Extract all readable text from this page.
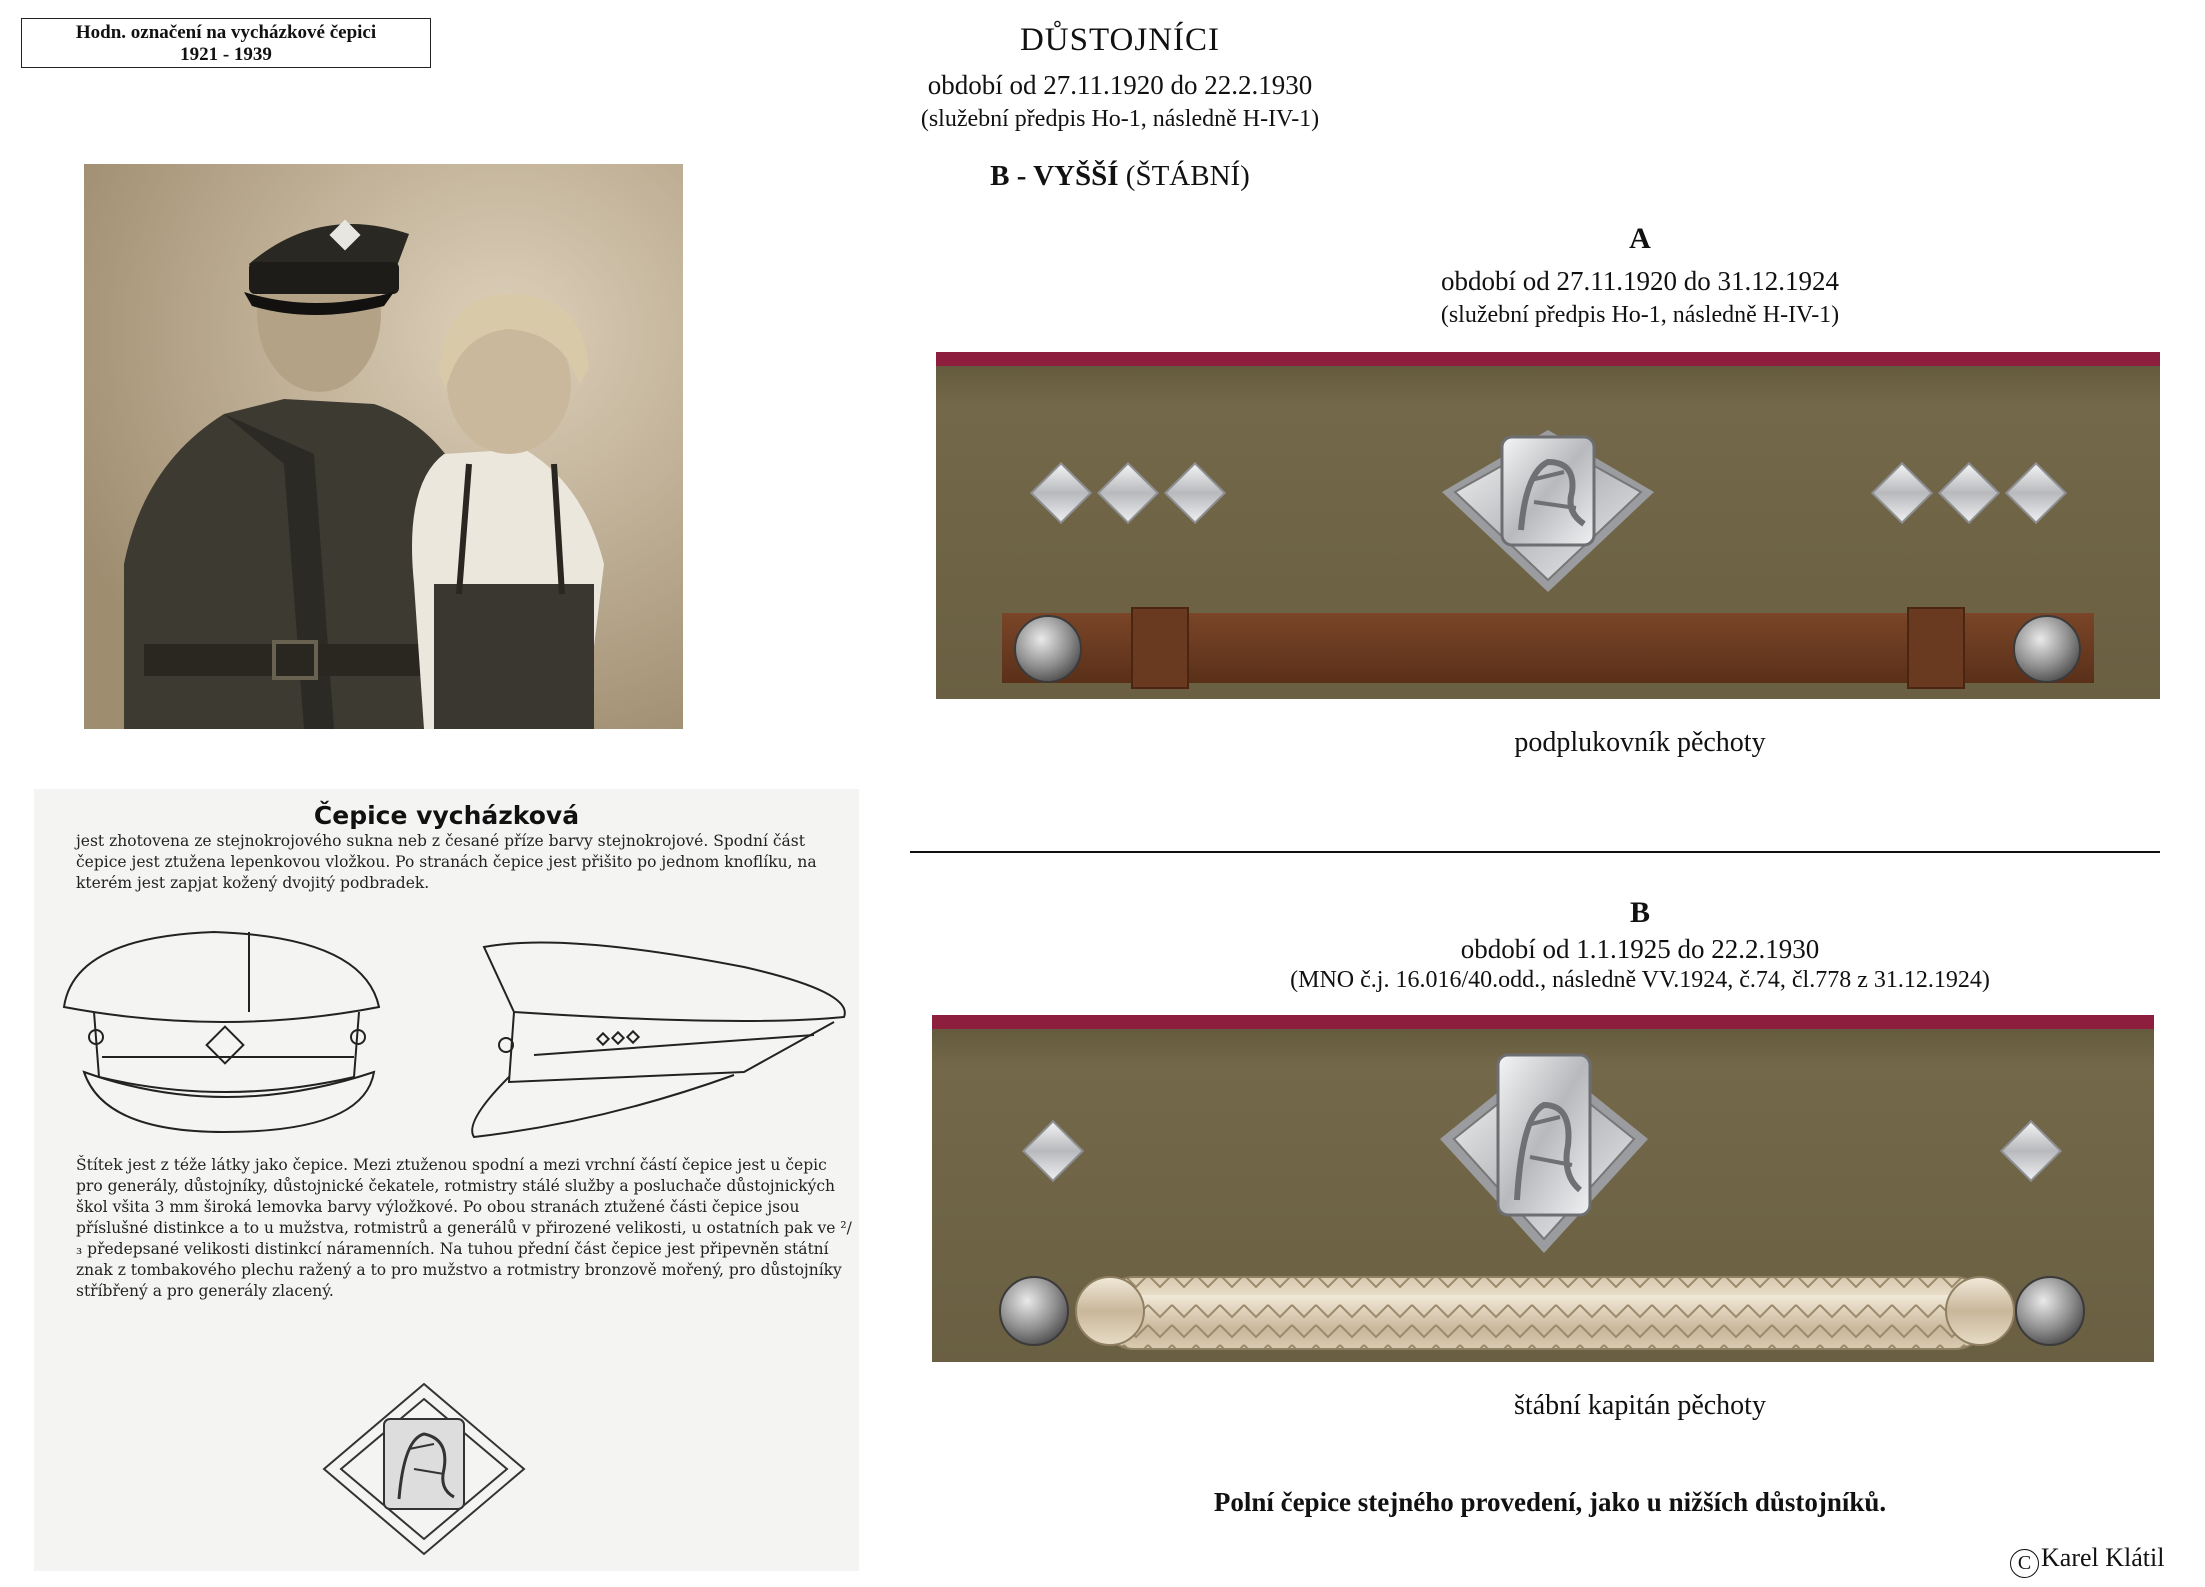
Hodn. označení na vycházkové čepici
1921 - 1939	DŮSTOJNÍCI
období od 27.11.1920 do 22.2.1930
(služební předpis Ho-1, následně H-IV-1)
B - VYŠŠÍ (ŠTÁBNÍ)
Čepice vycházková
jest zhotovena ze stejnokrojového sukna neb z česané příze barvy stejnokrojové. Spodní část čepice jest ztužena lepenkovou vložkou. Po stranách čepice jest přišito po jednom knoflíku, na kterém jest zapjat kožený dvojitý podbradek.
Štítek jest z téže látky jako čepice. Mezi ztuženou spodní a mezi vrchní částí čepice jest u čepic pro generály, důstojníky, důstojnické čekatele, rotmistry stálé služby a posluchače důstojnických škol všita 3 mm široká lemovka barvy výložkové. Po obou stranách ztužené části čepice jsou příslušné distinkce a to u mužstva, rotmistrů a generálů v přirozené velikosti, u ostatních pak ve ²/₃ předepsané velikosti distinkcí náramenních. Na tuhou přední část čepice jest připevněn státní znak z tombakového plechu ražený a to pro mužstvo a rotmistry bronzově mořený, pro důstojníky stříbřený a pro generály zlacený.
A
období od 27.11.1920 do 31.12.1924
(služební předpis Ho-1, následně H-IV-1)
podplukovník pěchoty
B
období od 1.1.1925 do 22.2.1930
(MNO č.j. 16.016/40.odd., následně VV.1924, č.74, čl.778 z 31.12.1924)
štábní kapitán pěchoty
Polní čepice stejného provedení, jako u nižších důstojníků.
C Karel Klátil
